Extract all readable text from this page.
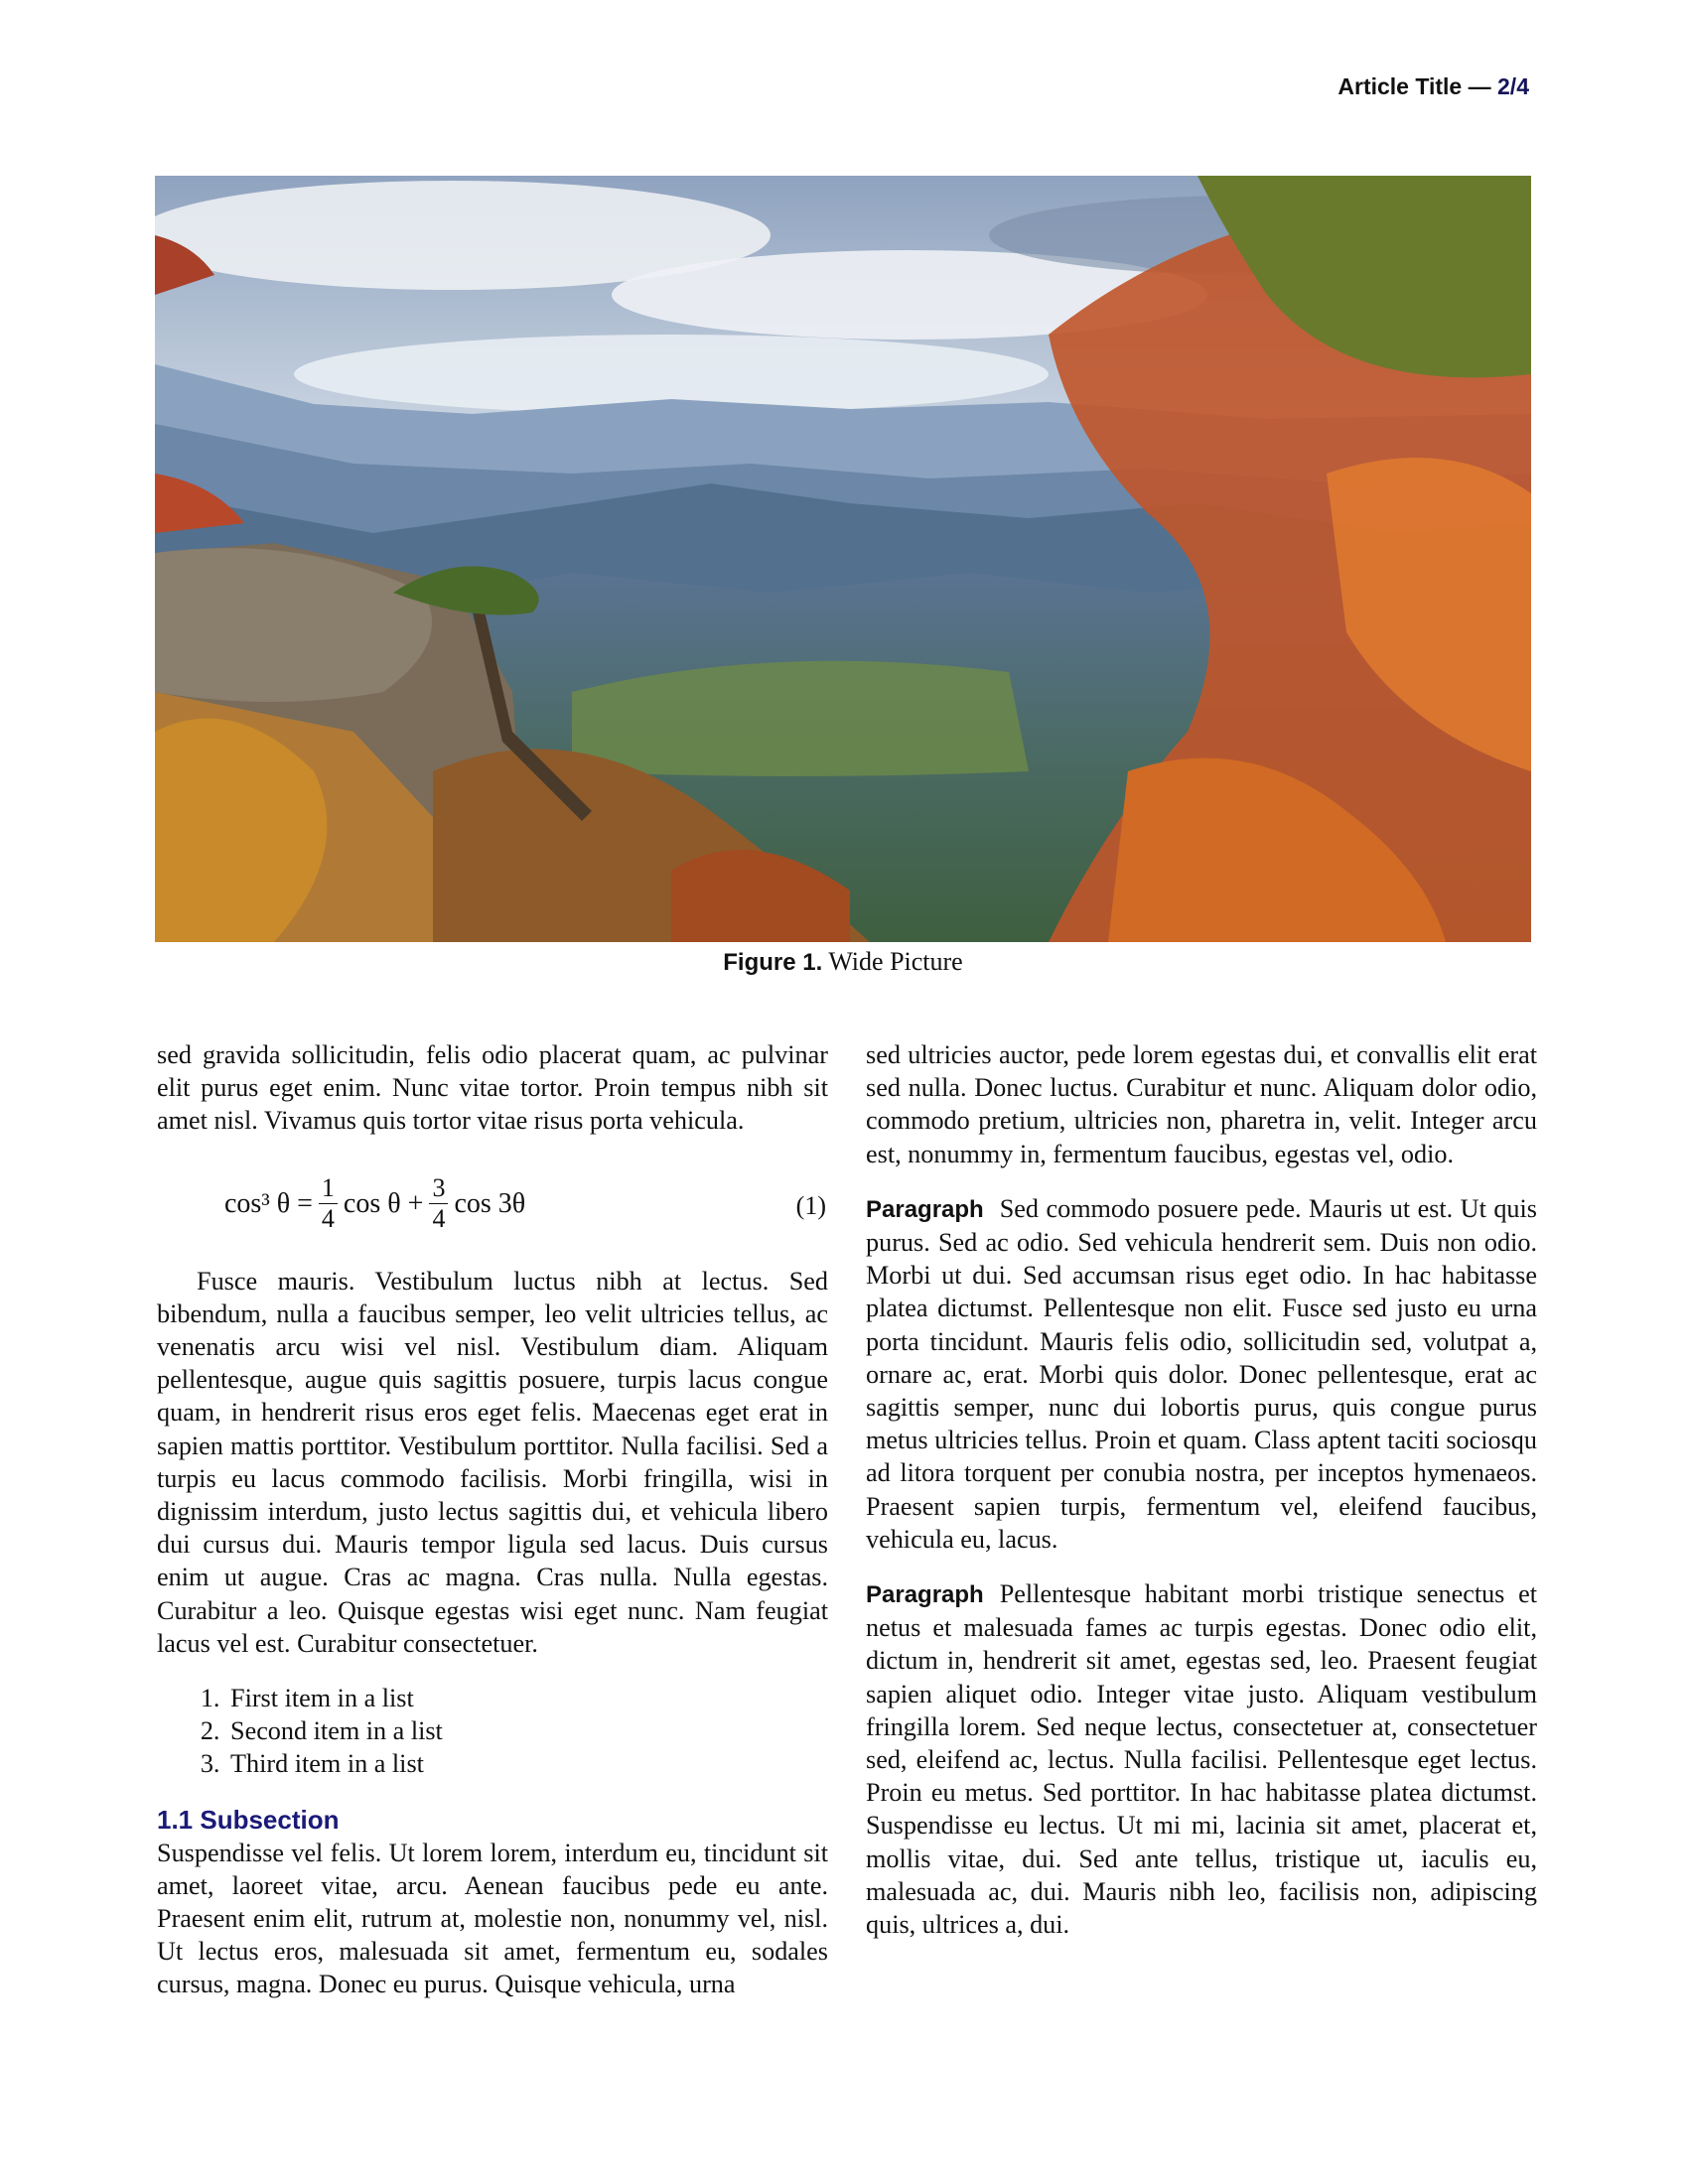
Article Title — 2/4
Figure 1. Wide Picture

sed gravida sollicitudin, felis odio placerat quam, ac pulvinar elit purus eget enim. Nunc vitae tortor. Proin tempus nibh sit amet nisl. Vivamus quis tortor vitae risus porta vehicula.

cos³ $\theta = \frac{1}{4}$ $\cos \theta + \frac{3}{4}$ cos 3θ	(1)

Fusce mauris. Vestibulum luctus nibh at lectus. Sed bibendum, nulla a faucibus semper, leo velit ultricies tellus, ac venenatis arcu wisi vel nisl. Vestibulum diam. Aliquam pellentesque, augue quis sagittis posuere, turpis lacus congue quam, in hendrerit risus eros eget felis. Maecenas eget erat in sapien mattis porttitor. Vestibulum porttitor. Nulla facilisi. Sed a turpis eu lacus commodo facilisis. Morbi fringilla, wisi in dignissim interdum, justo lectus sagittis dui, et vehicula libero dui cursus dui. Mauris tempor ligula sed lacus. Duis cursus enim ut augue. Cras ac magna. Cras nulla. Nulla egestas. Curabitur a leo. Quisque egestas wisi eget nunc. Nam feugiat lacus vel est. Curabitur consectetuer.

1. First item in a list
2. Second item in a list
3. Third item in a list
1.1 Subsection

Suspendisse vel felis. Ut lorem lorem, interdum eu, tincidunt sit amet, laoreet vitae, arcu. Aenean faucibus pede eu ante. Praesent enim elit, rutrum at, molestie non, nonummy vel, nisl. Ut lectus eros, malesuada sit amet, fermentum eu, sodales cursus, magna. Donec eu purus. Quisque vehicula, urna

sed ultricies auctor, pede lorem egestas dui, et convallis elit erat sed nulla. Donec luctus. Curabitur et nunc. Aliquam dolor odio, commodo pretium, ultricies non, pharetra in, velit. Integer arcu est, nonummy in, fermentum faucibus, egestas vel, odio.

Paragraph Sed commodo posuere pede. Mauris ut est. Ut quis purus. Sed ac odio. Sed vehicula hendrerit sem. Duis non odio. Morbi ut dui. Sed accumsan risus eget odio. In hac habitasse platea dictumst. Pellentesque non elit. Fusce sed justo eu urna porta tincidunt. Mauris felis odio, sollicitudin sed, volutpat a, ornare ac, erat. Morbi quis dolor. Donec pellentesque, erat ac sagittis semper, nunc dui lobortis purus, quis congue purus metus ultricies tellus. Proin et quam. Class aptent taciti sociosqu ad litora torquent per conubia nostra, per inceptos hymenaeos. Praesent sapien turpis, fermentum vel, eleifend faucibus, vehicula eu, lacus.

Paragraph Pellentesque habitant morbi tristique senectus et netus et malesuada fames ac turpis egestas. Donec odio elit, dictum in, hendrerit sit amet, egestas sed, leo. Praesent feugiat sapien aliquet odio. Integer vitae justo. Aliquam vestibulum fringilla lorem. Sed neque lectus, consectetuer at, consectetuer sed, eleifend ac, lectus. Nulla facilisi. Pellentesque eget lectus. Proin eu metus. Sed porttitor. In hac habitasse platea dictumst. Suspendisse eu lectus. Ut mi mi, lacinia sit amet, placerat et, mollis vitae, dui. Sed ante tellus, tristique ut, iaculis eu, malesuada ac, dui. Mauris nibh leo, facilisis non, adipiscing quis, ultrices a, dui.
